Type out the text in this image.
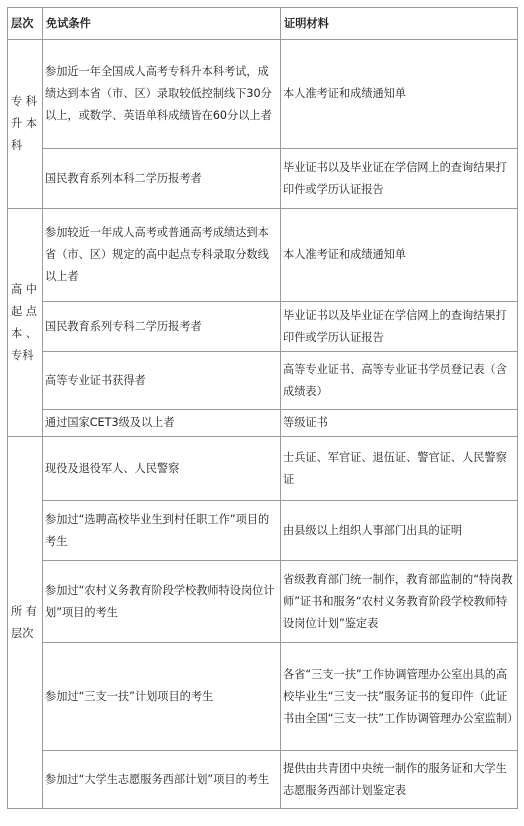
层次	免试条件	证明材料
专 科 升 本 科	参加近一年全国成人高考专科升本科考试，成绩达到本省（市、区）录取较低控制线下30分以上，或数学、英语单科成绩皆在60分以上者	本人准考证和成绩通知单
	国民教育系列本科二学历报考者	毕业证书以及毕业证在学信网上的查询结果打印件或学历认证报告
高 中 起 点 本 、专科	参加较近一年成人高考或普通高考成绩达到本省（市、区）规定的高中起点专科录取分数线以上者	本人准考证和成绩通知单
	国民教育系列专科二学历报考者	毕业证书以及毕业证在学信网上的查询结果打印件或学历认证报告
	高等专业证书获得者	高等专业证书、高等专业证书学员登记表（含成绩表）
	通过国家CET3级及以上者	等级证书
所 有层次	现役及退役军人、人民警察	士兵证、军官证、退伍证、警官证、人民警察证
	参加过“选聘高校毕业生到村任职工作”项目的考生	由县级以上组织人事部门出具的证明
	参加过“农村义务教育阶段学校教师特设岗位计划”项目的考生	省级教育部门统一制作，教育部监制的“特岗教师”证书和服务“农村义务教育阶段学校教师特设岗位计划”鉴定表
	参加过“三支一扶”计划项目的考生	各省“三支一扶”工作协调管理办公室出具的高校毕业生“三支一扶”服务证书的复印件（此证书由全国“三支一扶”工作协调管理办公室监制）
	参加过“大学生志愿服务西部计划”项目的考生	提供由共青团中央统一制作的服务证和大学生志愿服务西部计划鉴定表
